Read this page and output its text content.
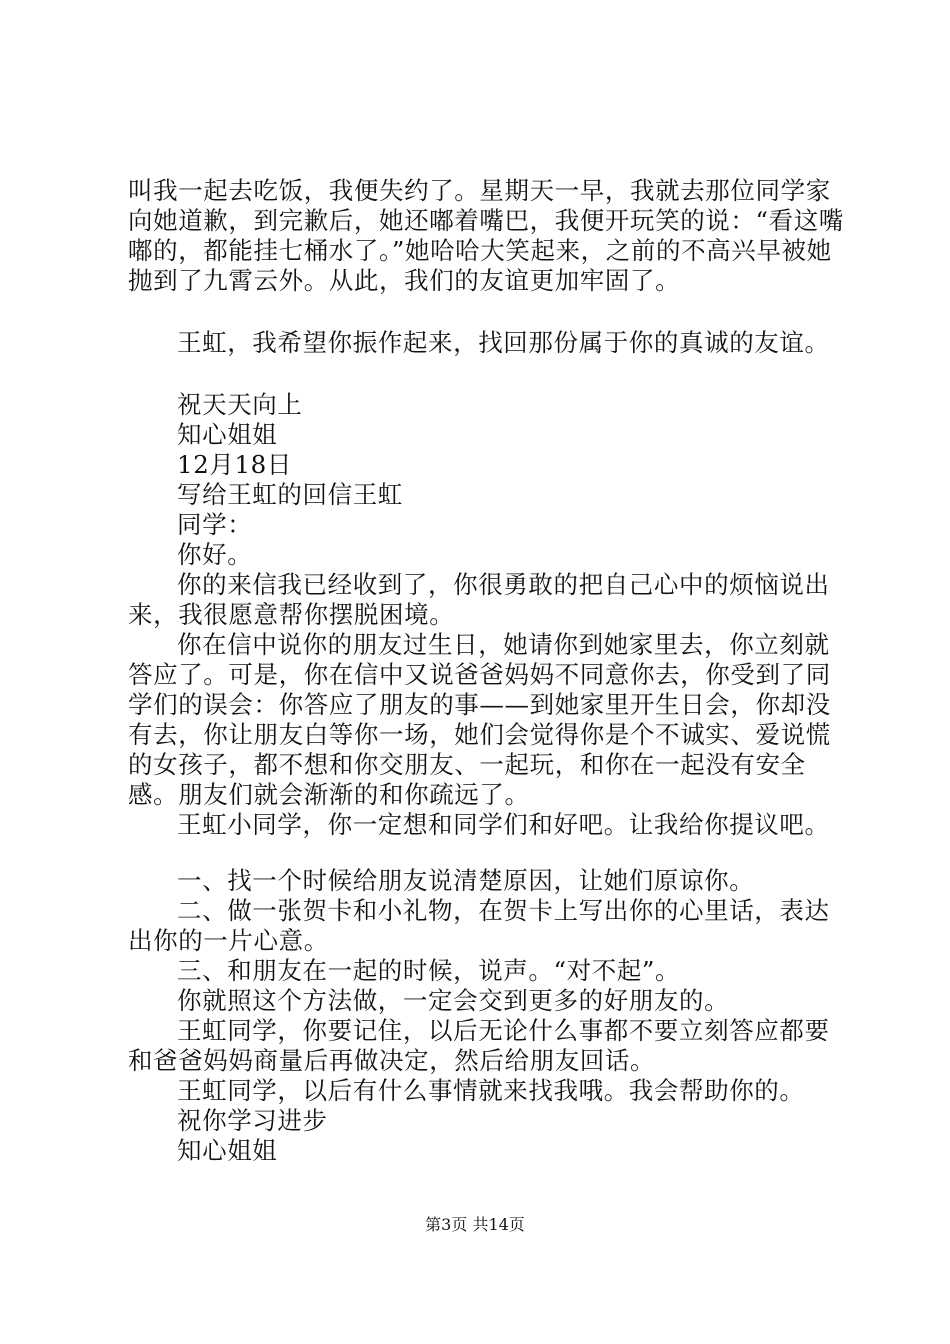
叫我一起去吃饭，我便失约了。星期天一早，我就去那位同学家向她道歉，到完歉后，她还嘟着嘴巴，我便开玩笑的说：“看这嘴嘟的，都能挂七桶水了。”她哈哈大笑起来，之前的不高兴早被她抛到了九霄云外。从此，我们的友谊更加牢固了。

王虹，我希望你振作起来，找回那份属于你的真诚的友谊。

祝天天向上

知心姐姐

12月18日

写给王虹的回信王虹

同学：

你好。

你的来信我已经收到了，你很勇敢的把自己心中的烦恼说出来，我很愿意帮你摆脱困境。

你在信中说你的朋友过生日，她请你到她家里去，你立刻就答应了。可是，你在信中又说爸爸妈妈不同意你去，你受到了同学们的误会：你答应了朋友的事——到她家里开生日会，你却没有去，你让朋友白等你一场，她们会觉得你是个不诚实、爱说慌的女孩子，都不想和你交朋友、一起玩，和你在一起没有安全感。朋友们就会渐渐的和你疏远了。

王虹小同学，你一定想和同学们和好吧。让我给你提议吧。

一、找一个时候给朋友说清楚原因，让她们原谅你。

二、做一张贺卡和小礼物，在贺卡上写出你的心里话，表达出你的一片心意。

三、和朋友在一起的时候，说声。“对不起”。

你就照这个方法做，一定会交到更多的好朋友的。

王虹同学，你要记住，以后无论什么事都不要立刻答应都要和爸爸妈妈商量后再做决定，然后给朋友回话。

王虹同学，以后有什么事情就来找我哦。我会帮助你的。

祝你学习进步

知心姐姐

第3页 共14页
